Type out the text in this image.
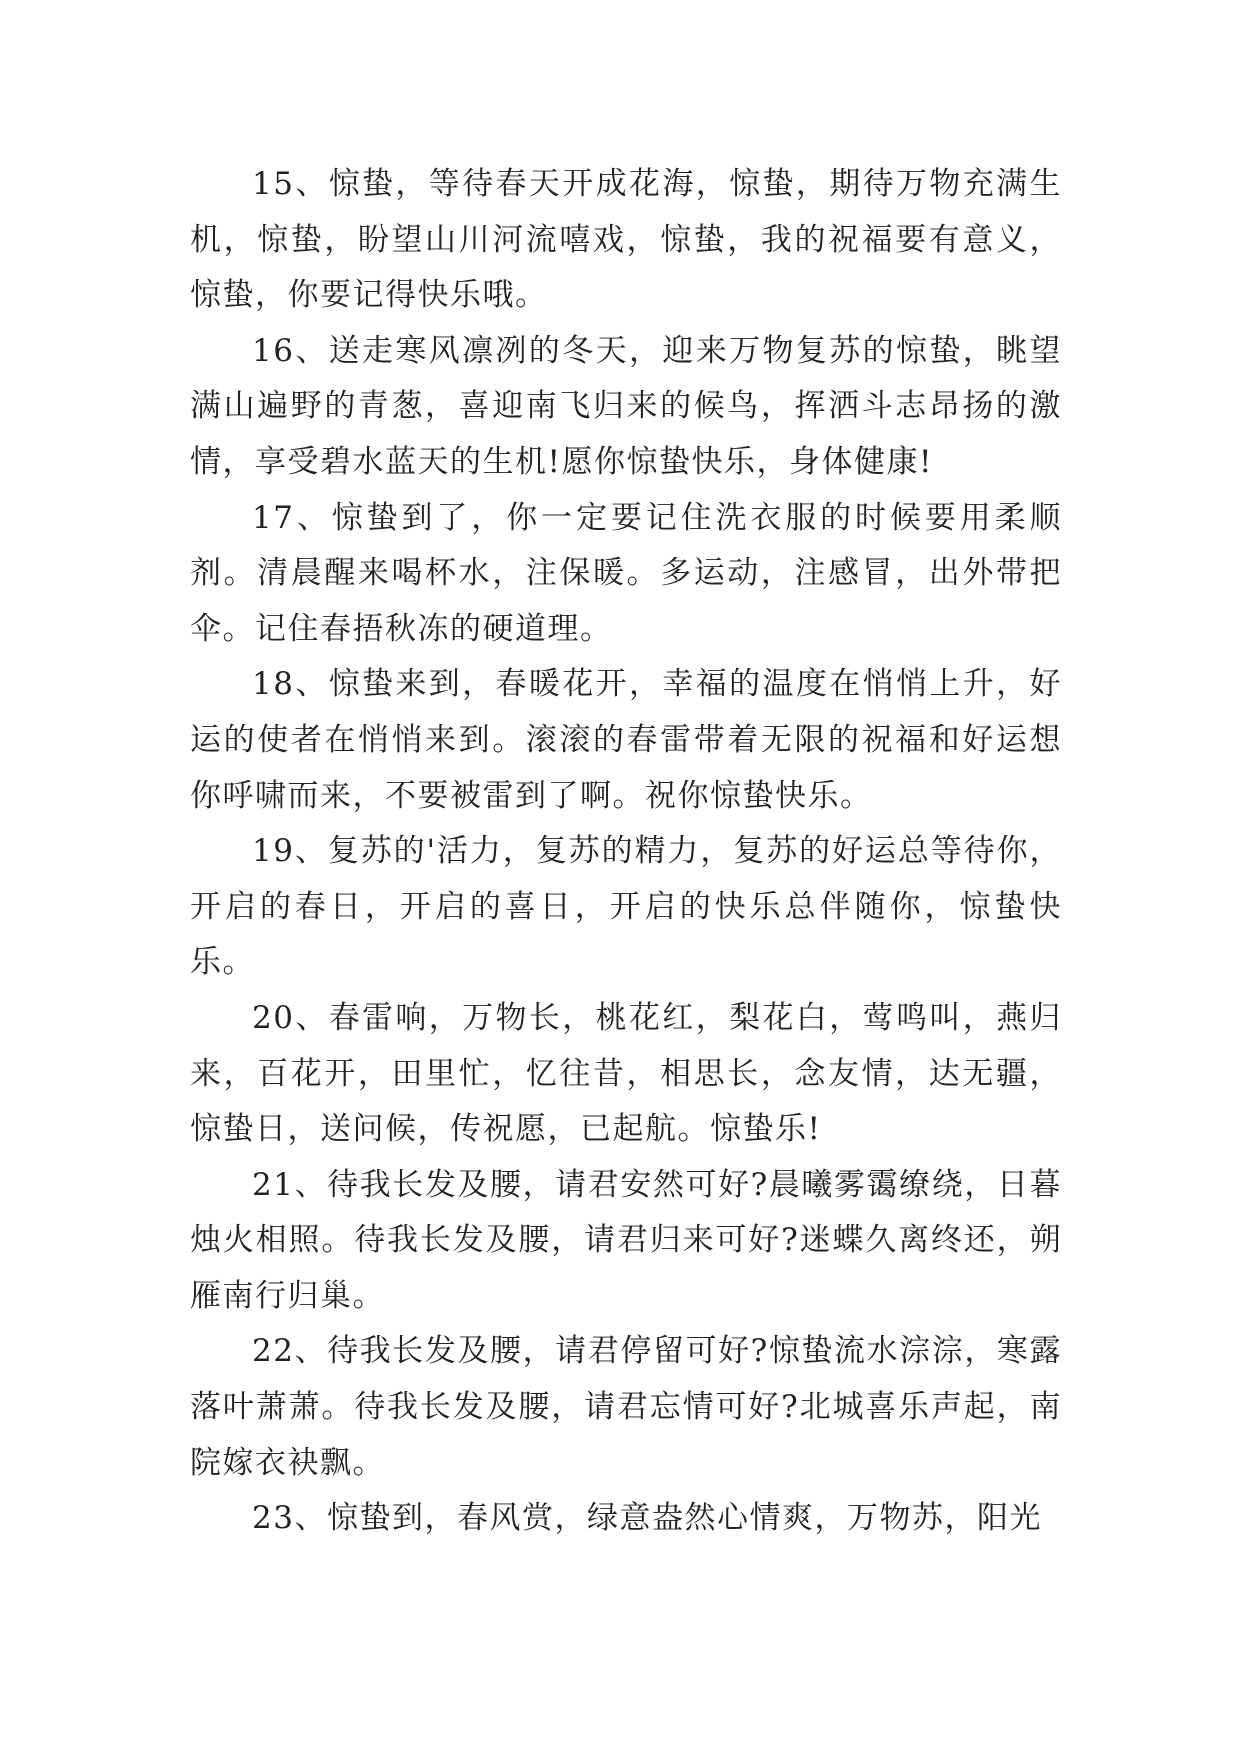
15、惊蛰，等待春天开成花海，惊蛰，期待万物充满生机，惊蛰，盼望山川河流嘻戏，惊蛰，我的祝福要有意义，惊蛰，你要记得快乐哦。

16、送走寒风凛冽的冬天，迎来万物复苏的惊蛰，眺望满山遍野的青葱，喜迎南飞归来的候鸟，挥洒斗志昂扬的激情，享受碧水蓝天的生机!愿你惊蛰快乐，身体健康!

17、惊蛰到了，你一定要记住洗衣服的时候要用柔顺剂。清晨醒来喝杯水，注保暖。多运动，注感冒，出外带把伞。记住春捂秋冻的硬道理。

18、惊蛰来到，春暖花开，幸福的温度在悄悄上升，好运的使者在悄悄来到。滚滚的春雷带着无限的祝福和好运想你呼啸而来，不要被雷到了啊。祝你惊蛰快乐。

19、复苏的'活力，复苏的精力，复苏的好运总等待你，开启的春日，开启的喜日，开启的快乐总伴随你，惊蛰快乐。

20、春雷响，万物长，桃花红，梨花白，莺鸣叫，燕归来，百花开，田里忙，忆往昔，相思长，念友情，达无疆，惊蛰日，送问候，传祝愿，已起航。惊蛰乐!

21、待我长发及腰，请君安然可好?晨曦雾霭缭绕，日暮烛火相照。待我长发及腰，请君归来可好?迷蝶久离终还，朔雁南行归巢。

22、待我长发及腰，请君停留可好?惊蛰流水淙淙，寒露落叶萧萧。待我长发及腰，请君忘情可好?北城喜乐声起，南院嫁衣袂飘。

23、惊蛰到，春风赏，绿意盎然心情爽，万物苏，阳光
